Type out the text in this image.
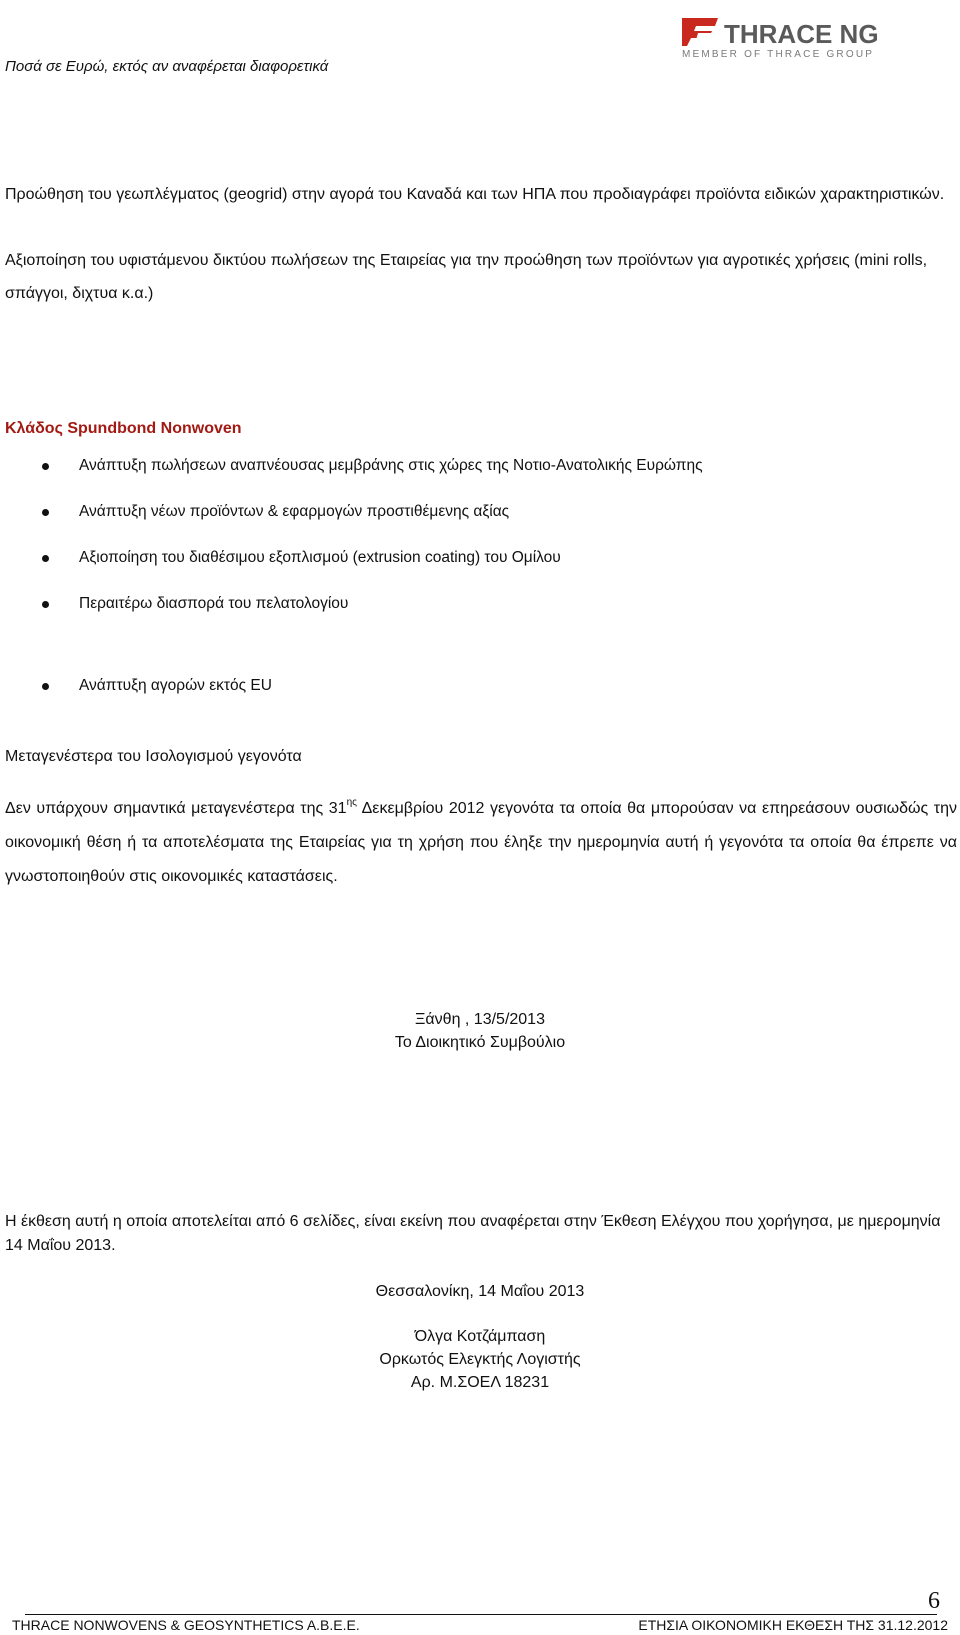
Ποσά σε Ευρώ, εκτός αν αναφέρεται διαφορετικά
THRACE NG
MEMBER OF THRACE GROUP
Προώθηση του γεωπλέγματος (geogrid) στην αγορά του Καναδά και των ΗΠΑ που προδιαγράφει προϊόντα ειδικών χαρακτηριστικών.
Αξιοποίηση του υφιστάμενου δικτύου πωλήσεων της Εταιρείας για την προώθηση των προϊόντων για αγροτικές χρήσεις (mini rolls, σπάγγοι, διχτυα κ.α.)
Κλάδος Spundbond Nonwoven
Ανάπτυξη πωλήσεων αναπνέουσας μεμβράνης στις χώρες της Νοτιο-Ανατολικής Ευρώπης
Ανάπτυξη νέων προϊόντων & εφαρμογών προστιθέμενης αξίας
Αξιοποίηση του διαθέσιμου εξοπλισμού (extrusion coating) του Ομίλου
Περαιτέρω διασπορά του πελατολογίου
Ανάπτυξη αγορών εκτός EU
Μεταγενέστερα του Ισολογισμού γεγονότα
Δεν υπάρχουν σημαντικά μεταγενέστερα της $31^{\eta\varsigma}$ Δεκεμβρίου 2012 γεγονότα τα οποία θα μπορούσαν να επηρεάσουν ουσιωδώς την οικονομική θέση ή τα αποτελέσματα της Εταιρείας για τη χρήση που έληξε την ημερομηνία αυτή ή γεγονότα τα οποία θα έπρεπε να γνωστοποιηθούν στις οικονομικές καταστάσεις.
Ξάνθη , 13/5/2013
Το Διοικητικό Συμβούλιο
Η έκθεση αυτή η οποία αποτελείται από 6 σελίδες, είναι εκείνη που αναφέρεται στην Έκθεση Ελέγχου που χορήγησα, με ημερομηνία 14 Μαΐου 2013.
Θεσσαλονίκη, 14 Μαΐου 2013
Όλγα Κοτζάμπαση
Ορκωτός Ελεγκτής Λογιστής
Αρ. Μ.ΣΟΕΛ 18231
6
THRACE NONWOVENS & GEOSYNTHETICS A.B.E.E.	ΕΤΗΣΙΑ ΟΙΚΟΝΟΜΙΚΗ ΕΚΘΕΣΗ ΤΗΣ 31.12.2012
